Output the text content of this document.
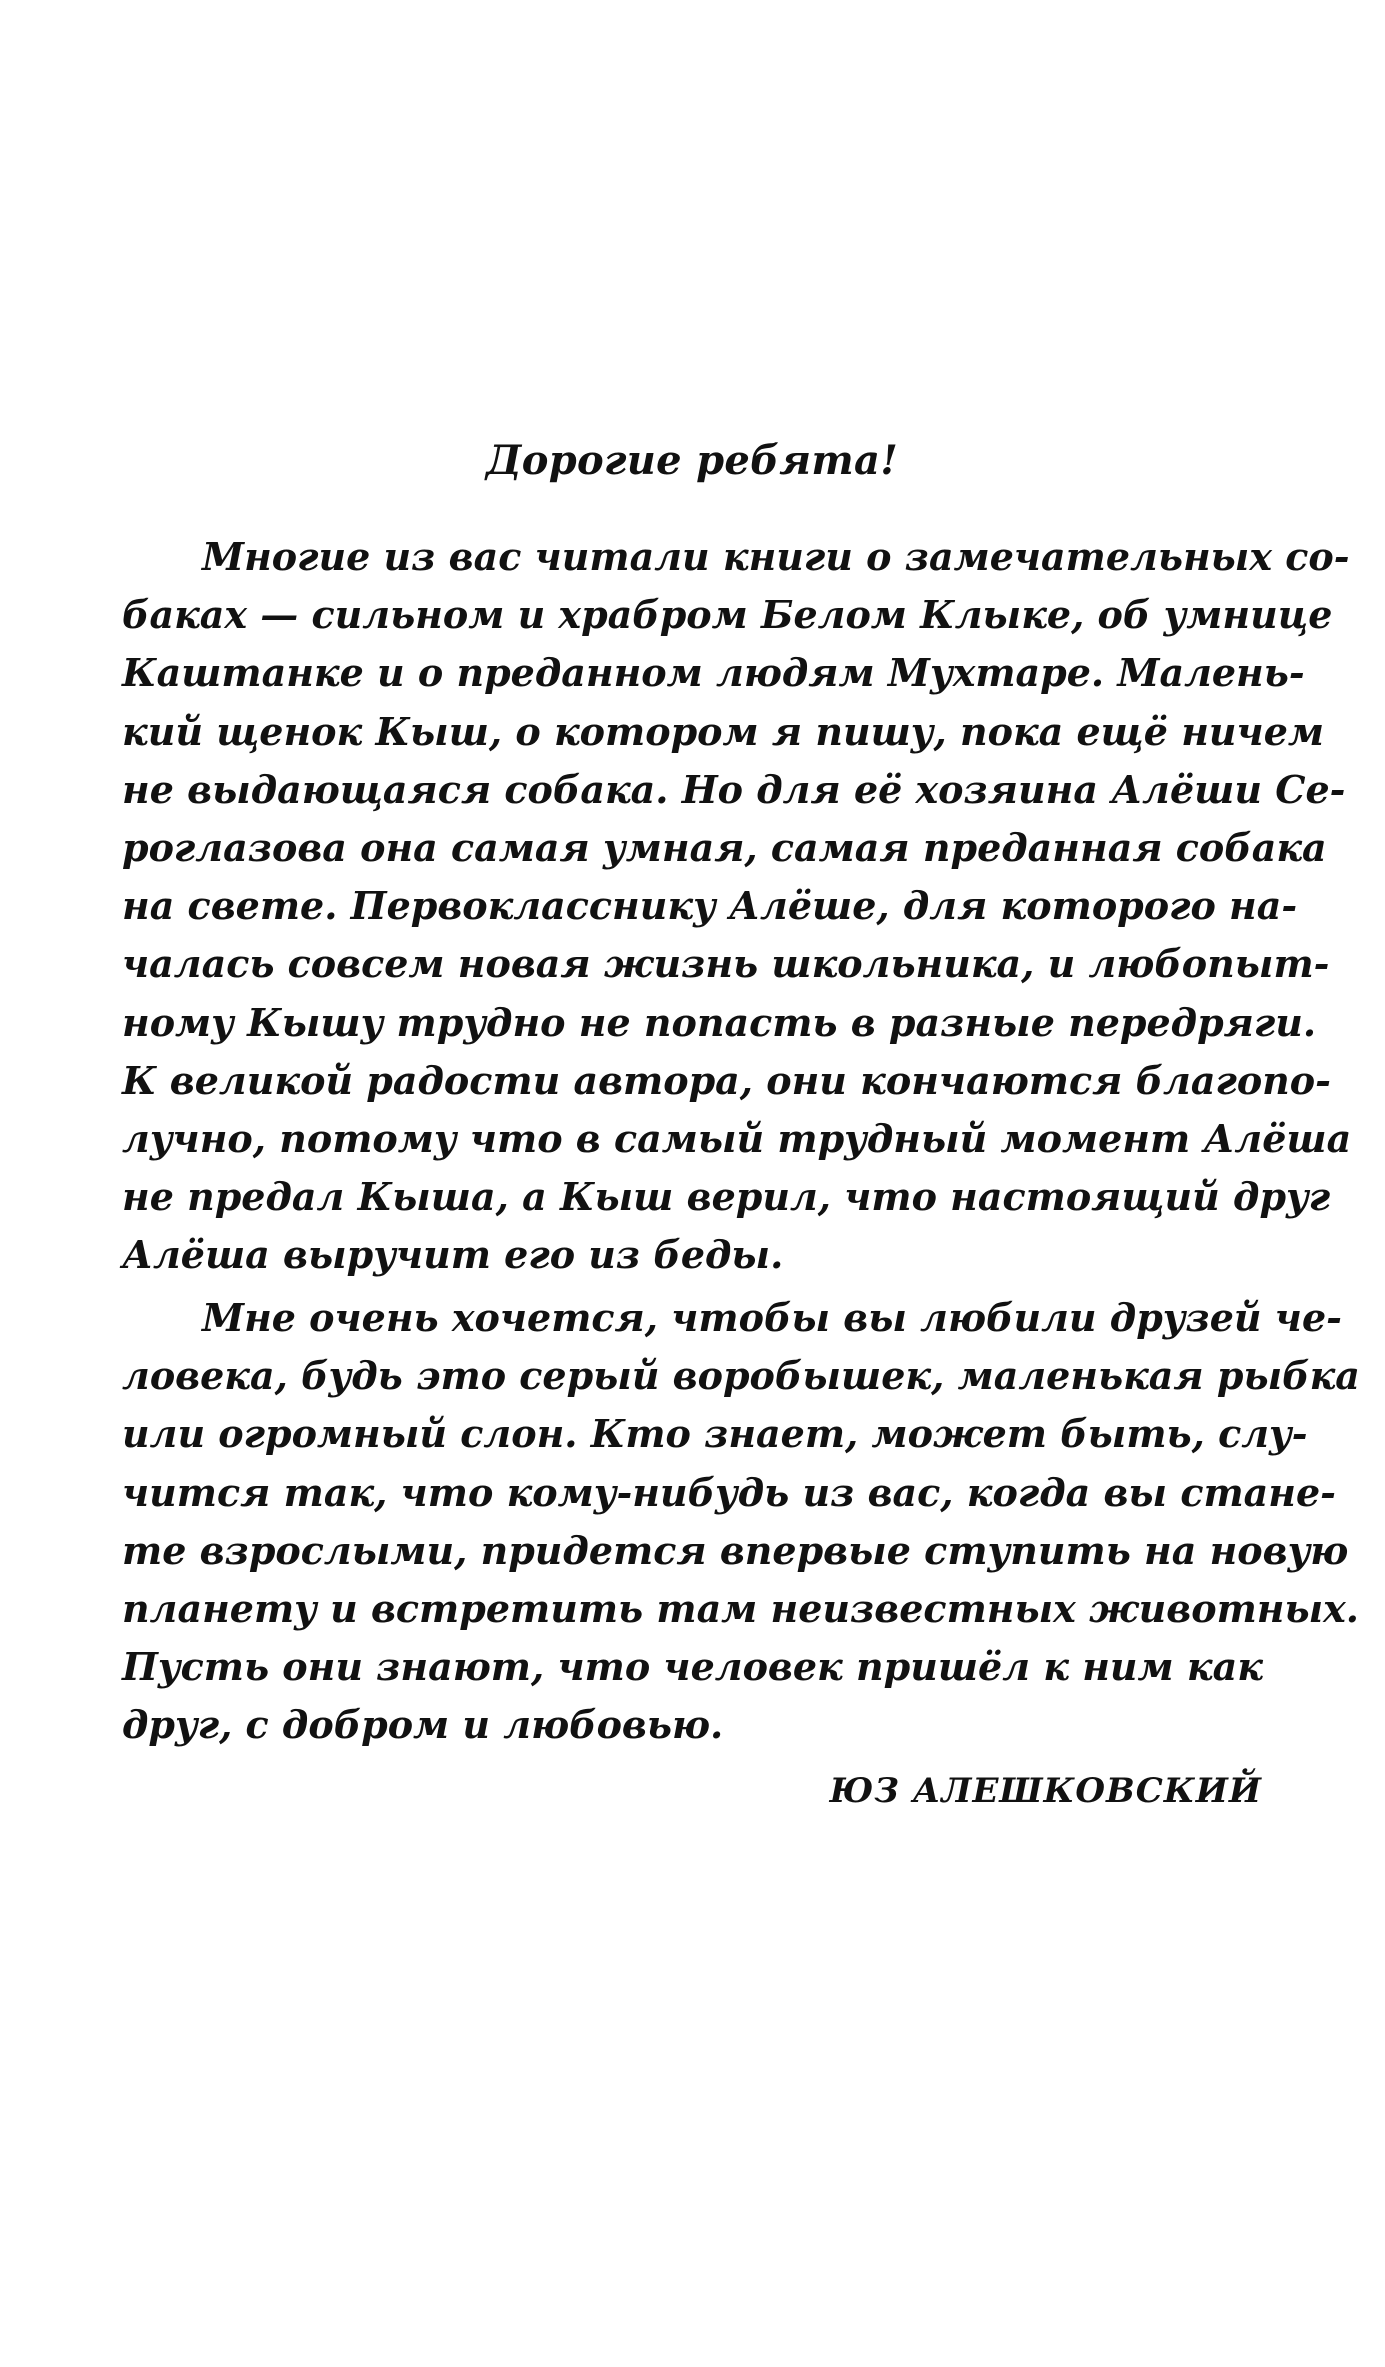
Дорогие ребята!
Многие из вас читали книги о замечательных со-
баках — сильном и храбром Белом Клыке, об умнице
Каштанке и о преданном людям Мухтаре. Малень-
кий щенок Кыш, о котором я пишу, пока ещё ничем
не выдающаяся собака. Но для её хозяина Алёши Се-
роглазова она самая умная, самая преданная собака
на свете. Первокласснику Алёше, для которого на-
чалась совсем новая жизнь школьника, и любопыт-
ному Кышу трудно не попасть в разные передряги.
К великой радости автора, они кончаются благопо-
лучно, потому что в самый трудный момент Алёша
не предал Кыша, а Кыш верил, что настоящий друг
Алёша выручит его из беды.
Мне очень хочется, чтобы вы любили друзей че-
ловека, будь это серый воробышек, маленькая рыбка
или огромный слон. Кто знает, может быть, слу-
чится так, что кому-нибудь из вас, когда вы стане-
те взрослыми, придется впервые ступить на новую
планету и встретить там неизвестных животных.
Пусть они знают, что человек пришёл к ним как
друг, с добром и любовью.
ЮЗ АЛЕШКОВСКИЙ
